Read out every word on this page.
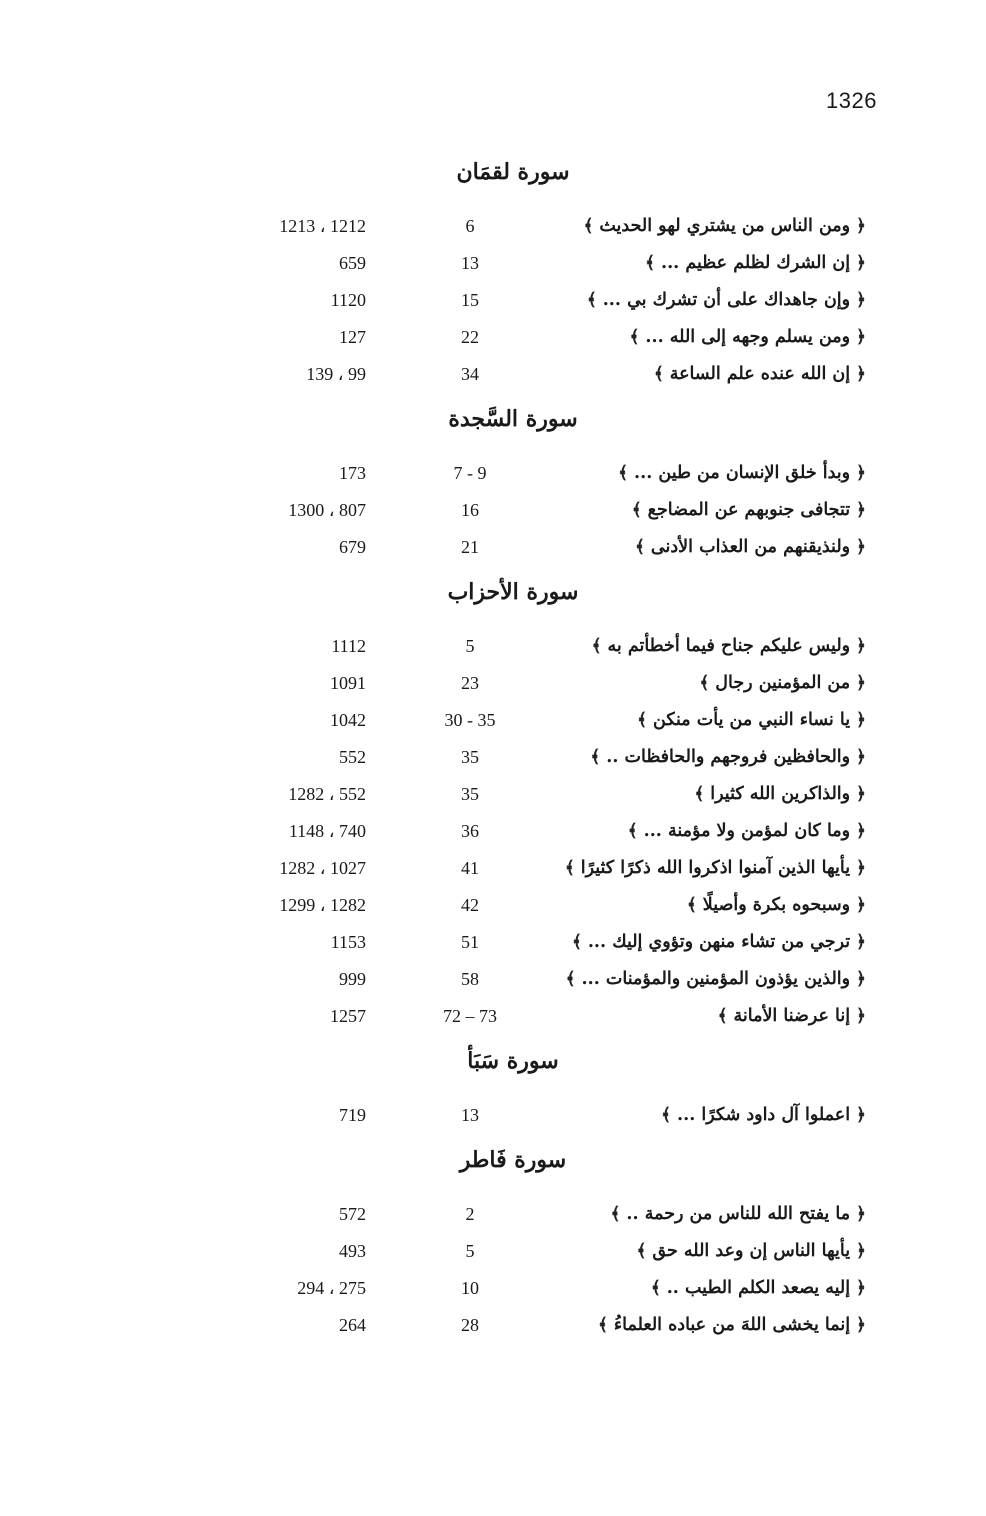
1326
سورة لقمَان
﴿ ومن الناس من يشتري لهو الحديث ﴾
6
1212 ، 1213
﴿ إن الشرك لظلم عظيم ... ﴾
13
659
﴿ وإن جاهداك على أن تشرك بي ... ﴾
15
1120
﴿ ومن يسلم وجهه إلى الله ... ﴾
22
127
﴿ إن الله عنده علم الساعة ﴾
34
99 ، 139
سورة السَّجدة
﴿ وبدأ خلق الإنسان من طين ... ﴾
7 - 9
173
﴿ تتجافى جنوبهم عن المضاجع ﴾
16
807 ، 1300
﴿ ولنذيقنهم من العذاب الأدنى ﴾
21
679
سورة الأحزاب
﴿ وليس عليكم جناح فيما أخطأتم به ﴾
5
1112
﴿ من المؤمنين رجال ﴾
23
1091
﴿ يا نساء النبي من يأت منكن ﴾
30 - 35
1042
﴿ والحافظين فروجهم والحافظات .. ﴾
35
552
﴿ والذاكرين الله كثيرا ﴾
35
552 ، 1282
﴿ وما كان لمؤمن ولا مؤمنة ... ﴾
36
740 ، 1148
﴿ يأيها الذين آمنوا اذكروا الله ذكرًا كثيرًا ﴾
41
1027 ، 1282
﴿ وسبحوه بكرة وأصيلًا ﴾
42
1282 ، 1299
﴿ ترجي من تشاء منهن وتؤوي إليك ... ﴾
51
1153
﴿ والذين يؤذون المؤمنين والمؤمنات ... ﴾
58
999
﴿ إنا عرضنا الأمانة ﴾
72 – 73
1257
سورة سَبَأ
﴿ اعملوا آل داود شكرًا ... ﴾
13
719
سورة فَاطر
﴿ ما يفتح الله للناس من رحمة .. ﴾
2
572
﴿ يأيها الناس إن وعد الله حق ﴾
5
493
﴿ إليه يصعد الكلم الطيب .. ﴾
10
275 ، 294
﴿ إنما يخشى اللهَ من عباده العلماءُ ﴾
28
264
